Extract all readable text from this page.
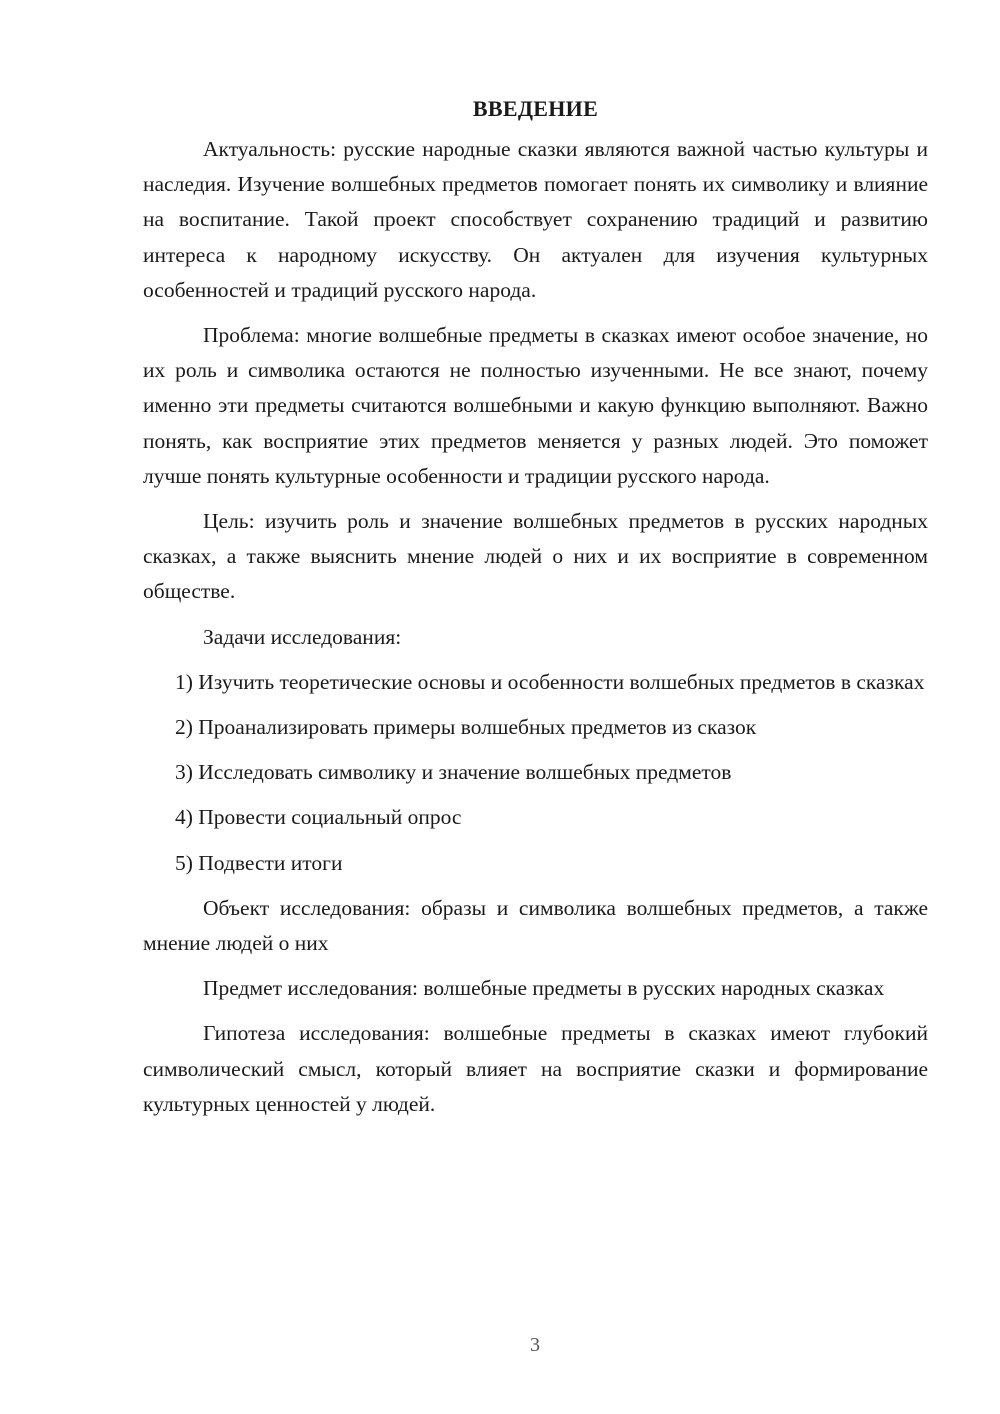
ВВЕДЕНИЕ

Актуальность: русские народные сказки являются важной частью культуры и наследия. Изучение волшебных предметов помогает понять их символику и влияние на воспитание. Такой проект способствует сохранению традиций и развитию интереса к народному искусству. Он актуален для изучения культурных особенностей и традиций русского народа.

Проблема: многие волшебные предметы в сказках имеют особое значение, но их роль и символика остаются не полностью изученными. Не все знают, почему именно эти предметы считаются волшебными и какую функцию выполняют. Важно понять, как восприятие этих предметов меняется у разных людей. Это поможет лучше понять культурные особенности и традиции русского народа.

Цель: изучить роль и значение волшебных предметов в русских народных сказках, а также выяснить мнение людей о них и их восприятие в современном обществе.

Задачи исследования:

1) Изучить теоретические основы и особенности волшебных предметов в сказках

2) Проанализировать примеры волшебных предметов из сказок

3) Исследовать символику и значение волшебных предметов

4) Провести социальный опрос

5) Подвести итоги

Объект исследования: образы и символика волшебных предметов, а также мнение людей о них

Предмет исследования: волшебные предметы в русских народных сказках

Гипотеза исследования: волшебные предметы в сказках имеют глубокий символический смысл, который влияет на восприятие сказки и формирование культурных ценностей у людей.

3
